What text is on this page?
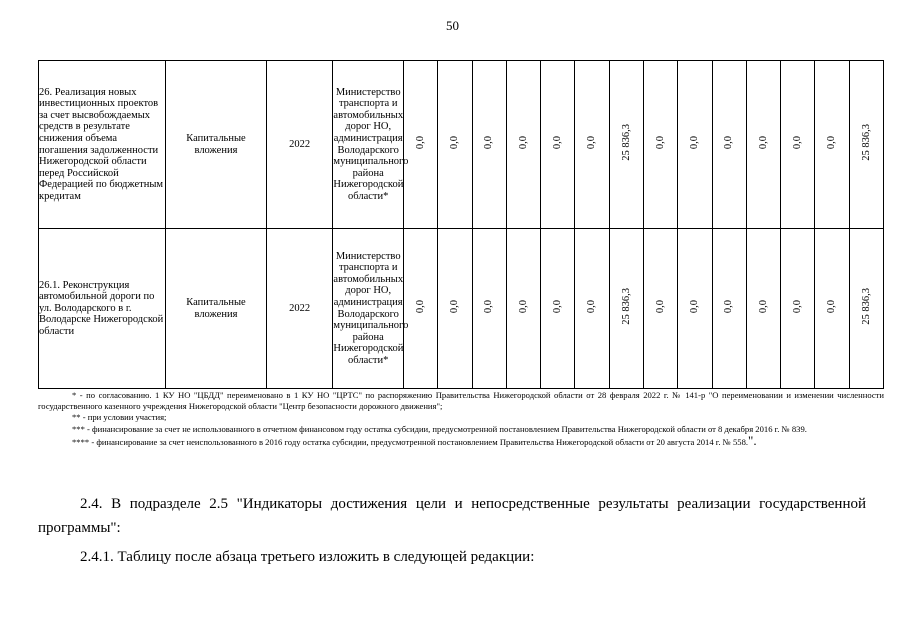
50
26. Реализация новых инвестиционных проектов за счет высвобождаемых средств в результате снижения объема погашения задолженности Нижегородской области перед Российской Федерацией по бюджетным кредитам	Капитальные вложения	2022	Министерство транспорта и автомобильных дорог НО, администрация Володарского муниципального района Нижегородской области*	0,0	0,0	0,0	0,0	0,0	0,0	25 836,3	0,0	0,0	0,0	0,0	0,0	0,0	25 836,3
26.1. Реконструкция автомобильной дороги по ул. Володарского в г. Володарске Нижегородской области	Капитальные вложения	2022	Министерство транспорта и автомобильных дорог НО, администрация Володарского муниципального района Нижегородской области*	0,0	0,0	0,0	0,0	0,0	0,0	25 836,3	0,0	0,0	0,0	0,0	0,0	0,0	25 836,3

* - по согласованию. 1 КУ НО "ЦБДД" переименовано в 1 КУ НО "ЦРТС" по распоряжению Правительства Нижегородской области от 28 февраля 2022 г. № 141-р "О переименовании и изменении численности государственного казенного учреждения Нижегородской области "Центр безопасности дорожного движения";

** - при условии участия;

*** - финансирование за счет не использованного в отчетном финансовом году остатка субсидии, предусмотренной постановлением Правительства Нижегородской области от 8 декабря 2016 г. № 839.

**** - финансирование за счет неиспользованного в 2016 году остатка субсидии, предусмотренной постановлением Правительства Нижегородской области от 20 августа 2014 г. № 558.".

2.4. В подразделе 2.5 "Индикаторы достижения цели и непосредственные результаты реализации государственной программы":
2.4.1. Таблицу после абзаца третьего изложить в следующей редакции:
